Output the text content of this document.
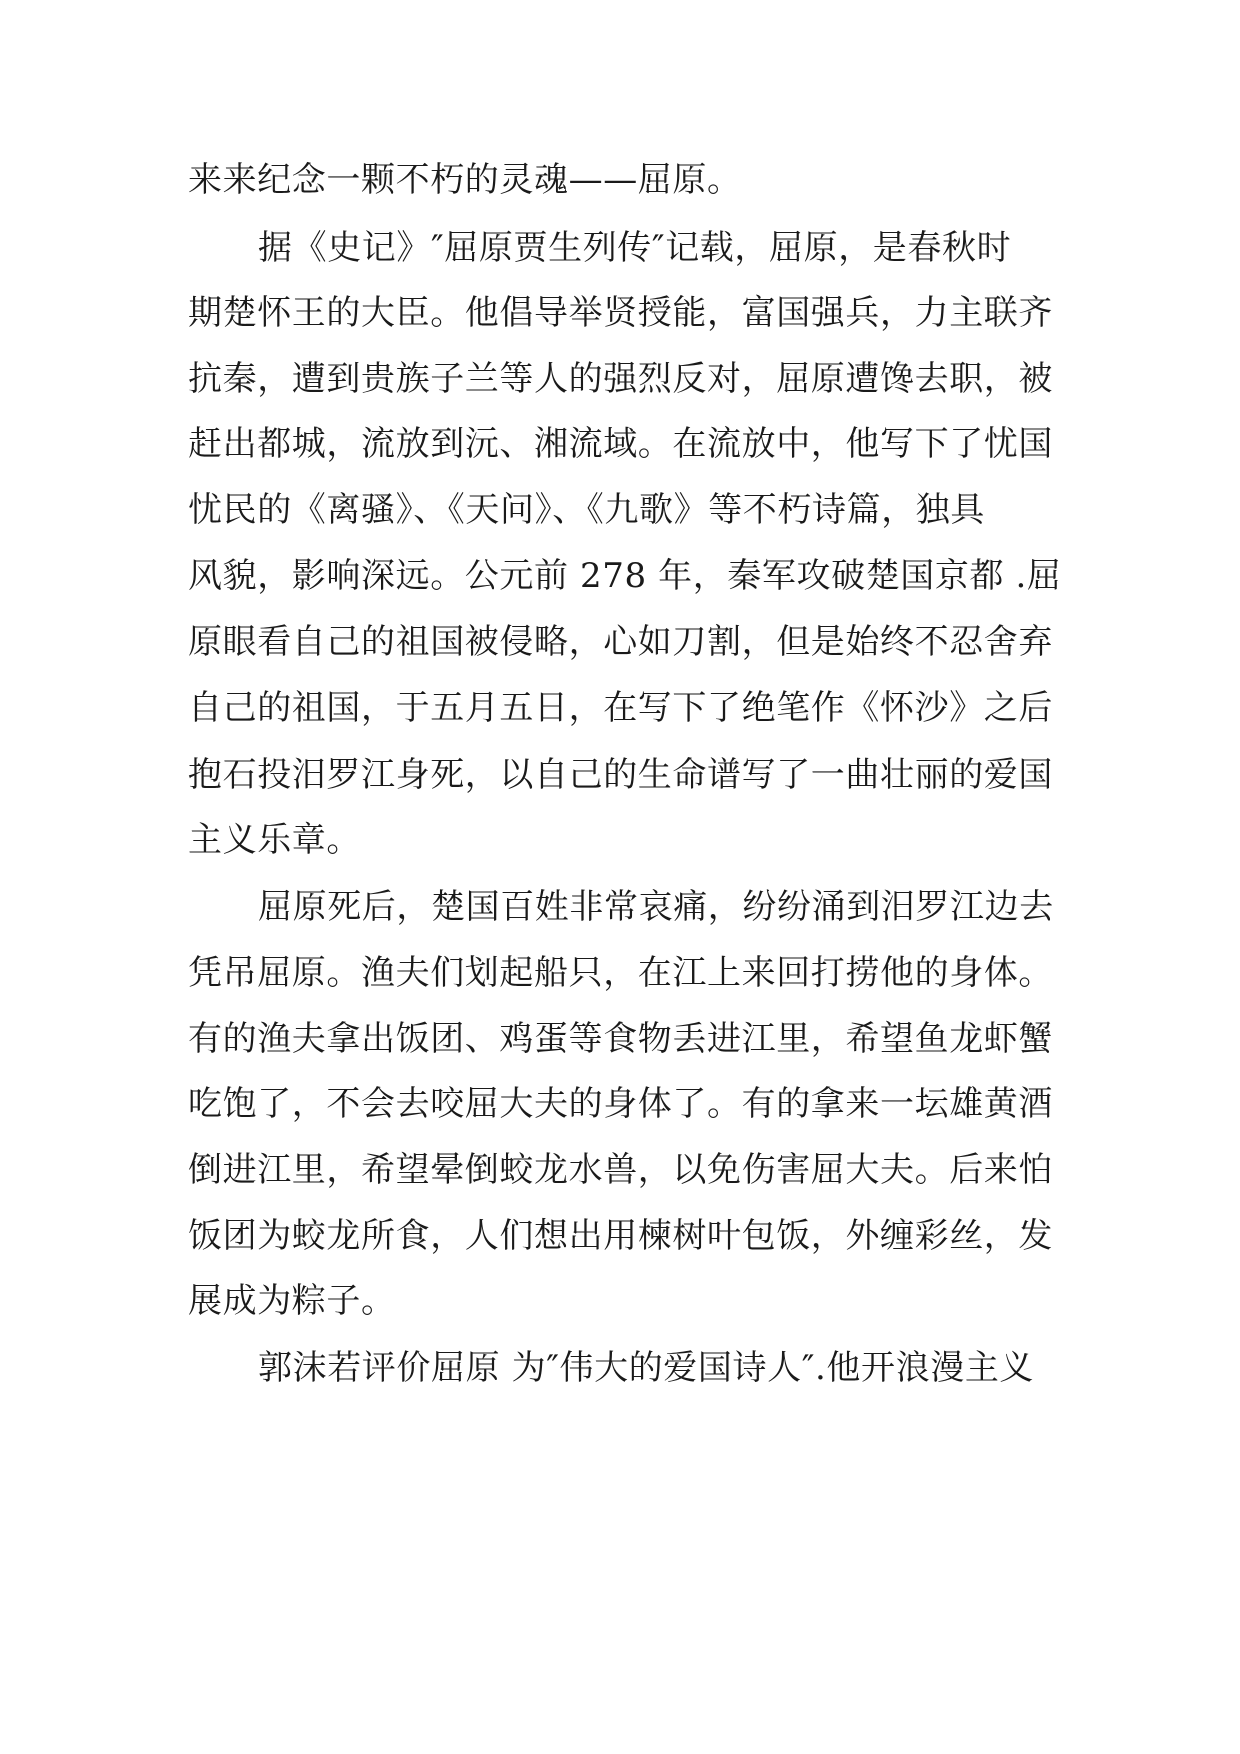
来来纪念一颗不朽的灵魂——屈原。
据《史记》″屈原贾生列传″记载，屈原，是春秋时
期楚怀王的大臣。他倡导举贤授能，富国强兵，力主联齐
抗秦，遭到贵族子兰等人的强烈反对，屈原遭馋去职，被
赶出都城，流放到沅、湘流域。在流放中，他写下了忧国
忧民的《离骚》、《天问》、《九歌》等不朽诗篇，独具
风貌，影响深远。公元前 278 年，秦军攻破楚国京都 .屈
原眼看自己的祖国被侵略，心如刀割，但是始终不忍舍弃
自己的祖国，于五月五日，在写下了绝笔作《怀沙》之后
抱石投汨罗江身死，以自己的生命谱写了一曲壮丽的爱国
主义乐章。
屈原死后，楚国百姓非常哀痛，纷纷涌到汨罗江边去
凭吊屈原。渔夫们划起船只，在江上来回打捞他的身体。
有的渔夫拿出饭团、鸡蛋等食物丢进江里，希望鱼龙虾蟹
吃饱了，不会去咬屈大夫的身体了。有的拿来一坛雄黄酒
倒进江里，希望晕倒蛟龙水兽，以免伤害屈大夫。后来怕
饭团为蛟龙所食，人们想出用楝树叶包饭，外缠彩丝，发
展成为粽子。
郭沫若评价屈原 为″伟大的爱国诗人″.他开浪漫主义
